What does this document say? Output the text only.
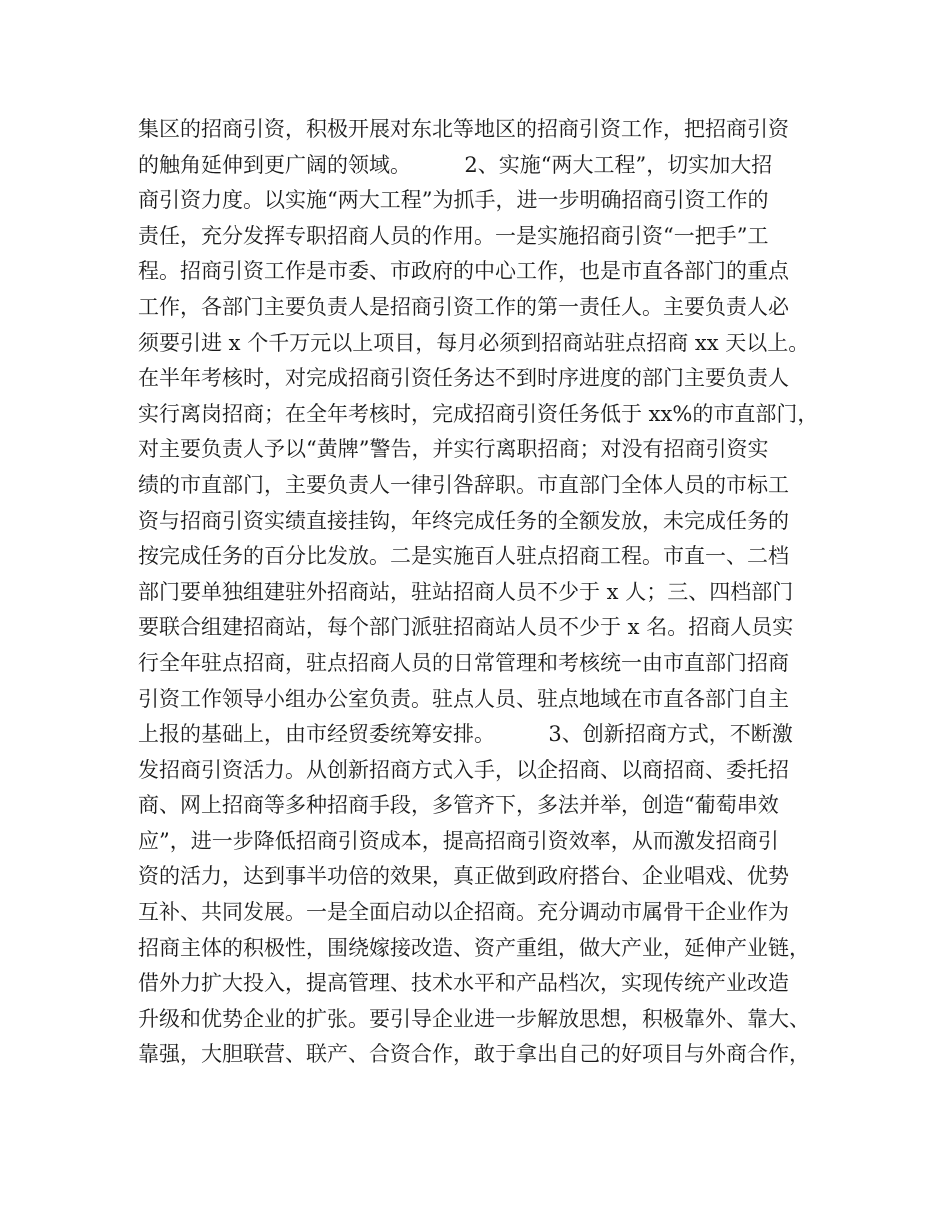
集区的招商引资，积极开展对东北等地区的招商引资工作，把招商引资
的触角延伸到更广阔的领域。        2、实施“两大工程”，切实加大招
商引资力度。以实施“两大工程”为抓手，进一步明确招商引资工作的
责任，充分发挥专职招商人员的作用。一是实施招商引资“一把手”工
程。招商引资工作是市委、市政府的中心工作，也是市直各部门的重点
工作，各部门主要负责人是招商引资工作的第一责任人。主要负责人必
须要引进 x 个千万元以上项目，每月必须到招商站驻点招商 xx 天以上。
在半年考核时，对完成招商引资任务达不到时序进度的部门主要负责人
实行离岗招商；在全年考核时，完成招商引资任务低于 xx%的市直部门，
对主要负责人予以“黄牌”警告，并实行离职招商；对没有招商引资实
绩的市直部门，主要负责人一律引咎辞职。市直部门全体人员的市标工
资与招商引资实绩直接挂钩，年终完成任务的全额发放，未完成任务的
按完成任务的百分比发放。二是实施百人驻点招商工程。市直一、二档
部门要单独组建驻外招商站，驻站招商人员不少于 x 人；三、四档部门
要联合组建招商站，每个部门派驻招商站人员不少于 x 名。招商人员实
行全年驻点招商，驻点招商人员的日常管理和考核统一由市直部门招商
引资工作领导小组办公室负责。驻点人员、驻点地域在市直各部门自主
上报的基础上，由市经贸委统筹安排。        3、创新招商方式，不断激
发招商引资活力。从创新招商方式入手，以企招商、以商招商、委托招
商、网上招商等多种招商手段，多管齐下，多法并举，创造“葡萄串效
应”，进一步降低招商引资成本，提高招商引资效率，从而激发招商引
资的活力，达到事半功倍的效果，真正做到政府搭台、企业唱戏、优势
互补、共同发展。一是全面启动以企招商。充分调动市属骨干企业作为
招商主体的积极性，围绕嫁接改造、资产重组，做大产业，延伸产业链，
借外力扩大投入，提高管理、技术水平和产品档次，实现传统产业改造
升级和优势企业的扩张。要引导企业进一步解放思想，积极靠外、靠大、
靠强，大胆联营、联产、合资合作，敢于拿出自己的好项目与外商合作，
